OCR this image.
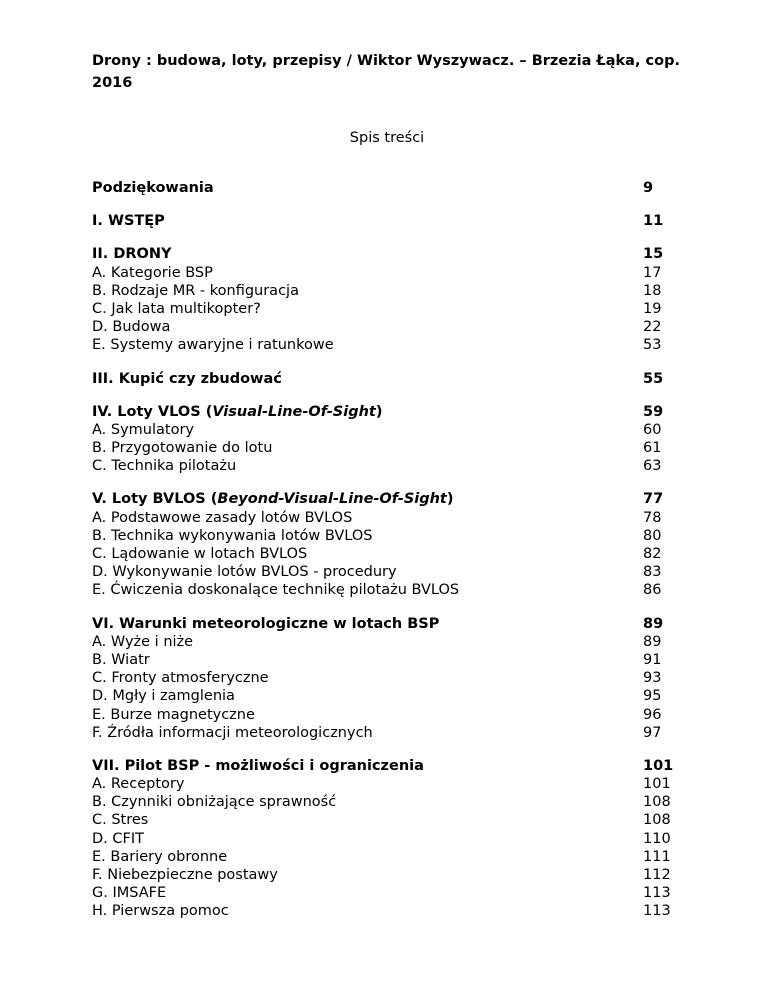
Drony : budowa, loty, przepisy / Wiktor Wyszywacz. – Brzezia Łąka, cop. 2016

Spis treści
Podziękowania	9
I. WSTĘP	11
II. DRONY	15
A. Kategorie BSP	17
B. Rodzaje MR - konfiguracja	18
C. Jak lata multikopter?	19
D. Budowa	22
E. Systemy awaryjne i ratunkowe	53
III. Kupić czy zbudować	55
IV. Loty VLOS (Visual-Line-Of-Sight)	59
A. Symulatory	60
B. Przygotowanie do lotu	61
C. Technika pilotażu	63
V. Loty BVLOS (Beyond-Visual-Line-Of-Sight)	77
A. Podstawowe zasady lotów BVLOS	78
B. Technika wykonywania lotów BVLOS	80
C. Lądowanie w lotach BVLOS	82
D. Wykonywanie lotów BVLOS - procedury	83
E. Ćwiczenia doskonalące technikę pilotażu BVLOS	86
VI. Warunki meteorologiczne w lotach BSP	89
A. Wyże i niże	89
B. Wiatr	91
C. Fronty atmosferyczne	93
D. Mgły i zamglenia	95
E. Burze magnetyczne	96
F. Źródła informacji meteorologicznych	97
VII. Pilot BSP - możliwości i ograniczenia	101
A. Receptory	101
B. Czynniki obniżające sprawność	108
C. Stres	108
D. CFIT	110
E. Bariery obronne	111
F. Niebezpieczne postawy	112
G. IMSAFE	113
H. Pierwsza pomoc	113
